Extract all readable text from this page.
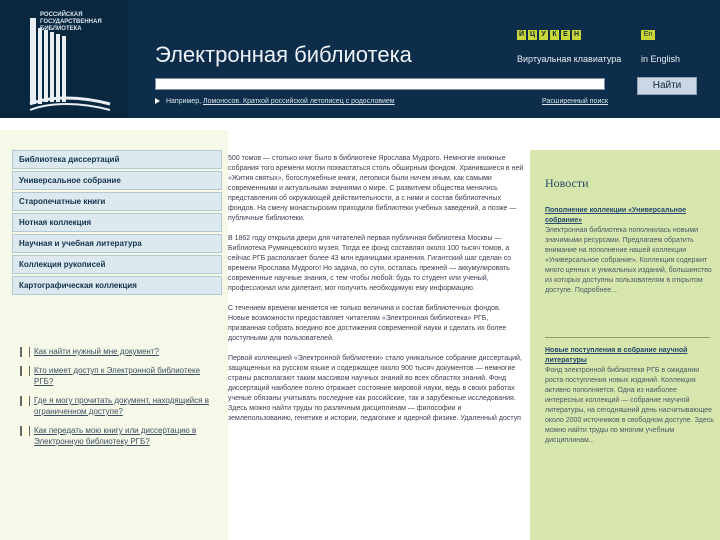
РОССИЙСКАЯ ГОСУДАРСТВЕННАЯ БИБЛИОТЕКА
Электронная библиотека
Й Ц У К Е Н
Виртуальная клавиатура
En
in English
Найти
Например, Ломоносов. Краткой российской летописец с родословием	Расширенный поиск
Библиотека диссертаций
Универсальное собрание
Старопечатные книги
Нотная коллекция
Научная и учебная литература
Коллекция рукописей
Картографическая коллекция
Как найти нужный мне документ?
Кто имеет доступ к Электронной библиотеке РГБ?
Где я могу прочитать документ, находящийся в ограниченном доступе?
Как передать мою книгу или диссертацию в Электронную библиотеку РГБ?

500 томов — столько книг было в библиотеке Ярослава Мудрого. Немногие книжные собрания того времени могли похвастаться столь обширным фондом. Хранившиеся в ней «Жития святых», богослужебные книги, летописи были ничем иным, как самыми современными и актуальными знаниями о мире. С развитием общества менялись представления об окружающей действительности, а с ними и состав библиотечных фондов. На смену монастырским приходили библиотеки учебных заведений, а позже — публичные библиотеки.

В 1862 году открыла двери для читателей первая публичная библиотека Москвы — Библиотека Румянцевского музея. Тогда ее фонд составлял около 100 тысяч томов, а сейчас РГБ располагает более 43 млн единицами хранения. Гигантский шаг сделан со времени Ярослава Мудрого! Но задача, по сути, осталась прежней — аккумулировать современные научные знания, с тем чтобы любой: будь то студент или ученый, профессионал или дилетант, мог получить необходимую ему информацию.

С течением времени меняется не только величина и состав библиотечных фондов. Новые возможности предоставляет читателям «Электронная библиотека» РГБ, призванная собрать воедино все достижения современной науки и сделать их более доступными для пользователей.

Первой коллекцией «Электронной библиотеки» стало уникальное собрание диссертаций, защищенных на русском языке и содержащее около 900 тысяч документов — немногие страны располагают таким массивом научных знаний во всех областях знаний. Фонд диссертаций наиболее полно отражает состояние мировой науки, ведь в своих работах ученые обязаны учитывать последние как российские, так и зарубежные исследования. Здесь можно найти труды по различным дисциплинам — философии и землепользованию, генетике и истории, педагогике и ядерной физике. Удаленный доступ

Новости
Пополнение коллекции «Универсальное собрание»
Электронная библиотека пополнилась новыми значимыми ресурсами. Предлагаем обратить внимание на пополнение нашей коллекции «Универсальное собрание». Коллекция содержит много ценных и уникальных изданий, большинство из которых доступны пользователям в открытом доступе. Подробнее...
Новые поступления в собрание научной литературы
Фонд электронной библиотеки РГБ в ожидании роста поступления новых изданий. Коллекция активно пополняется. Одна из наиболее интересных коллекций — собрание научной литературы, на сегодняшний день насчитывающее около 2000 источников в свободном доступе. Здесь можно найти труды по многим учебным дисциплинам...
